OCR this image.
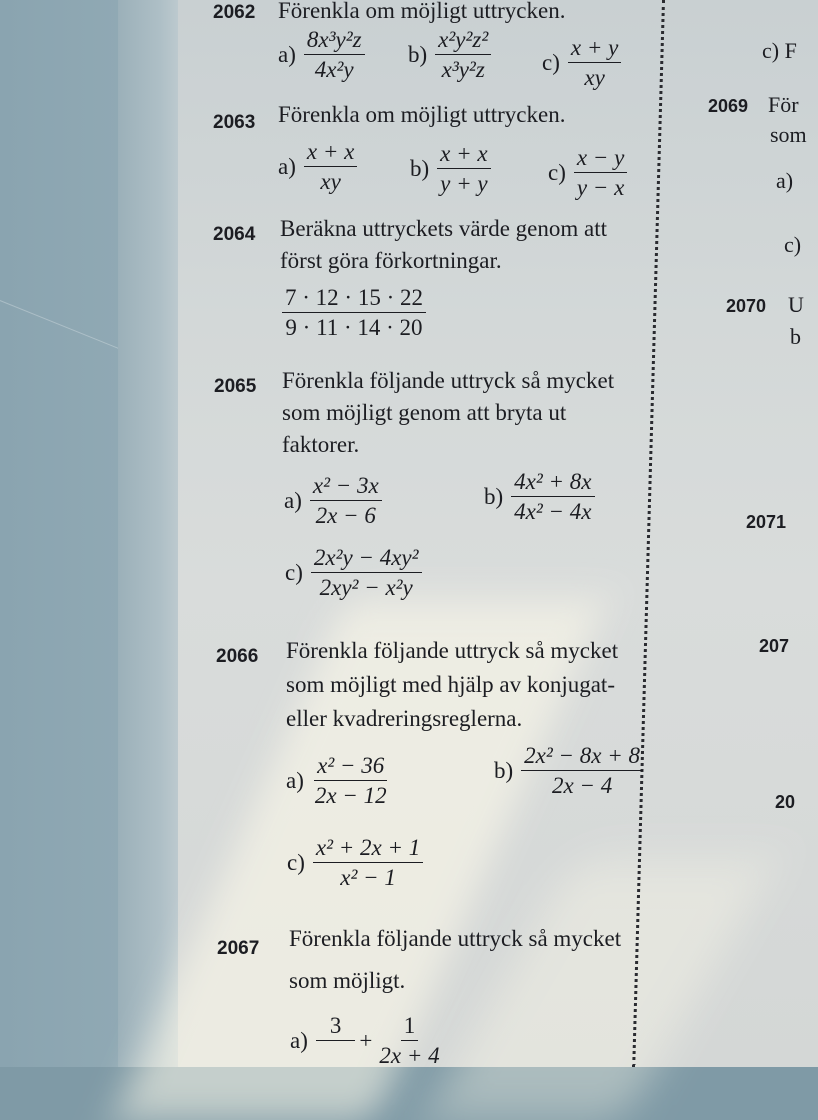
2062 Förenkla om möjligt uttrycken.
$a) \frac{\text{8x³y²z}}{\text{4x²y}} b) \frac{\text{x²y²z²}}{\text{x³y²z}} c) \frac{x + y}{xy}$
2063 Förenkla om möjligt uttrycken.
$a) \frac{x + x}{xy} b) \frac{x + x}{y + y} c) \frac{x - y}{y - x}$
2064 Beräkna uttryckets värde genom att
först göra förkortningar.
$\frac{7 \cdot 12 \cdot 15 \cdot 22}{9 \cdot 11 \cdot 14 \cdot 20}$
2065 Förenkla följande uttryck så mycket
som möjligt genom att bryta ut
faktorer.
$a) \frac{\text{x² − 3x}}{2x - 6}$	$b) \frac{\text{4x² + 8x}}{\text{4x² − 4x}}$
$c) \frac{\text{2x²y − 4xy²}}{\text{2xy² − x²y}}$
2066 Förenkla följande uttryck så mycket
som möjligt med hjälp av konjugat-
eller kvadreringsreglerna.
$a) \frac{\text{x² − 36}}{2x - 12}$	$b) \frac{\text{2x² − 8x + 8}}{2x - 4}$
$c) \frac{\text{x² + 2x + 1}}{\text{x² − 1}}$
2067 Förenkla följande uttryck så mycket
som möjligt.
a)
3

+ $\frac{1}{2x + 4}$
c) F
2069 För
som
a)
c)
2070 U
b
2071
207
20
